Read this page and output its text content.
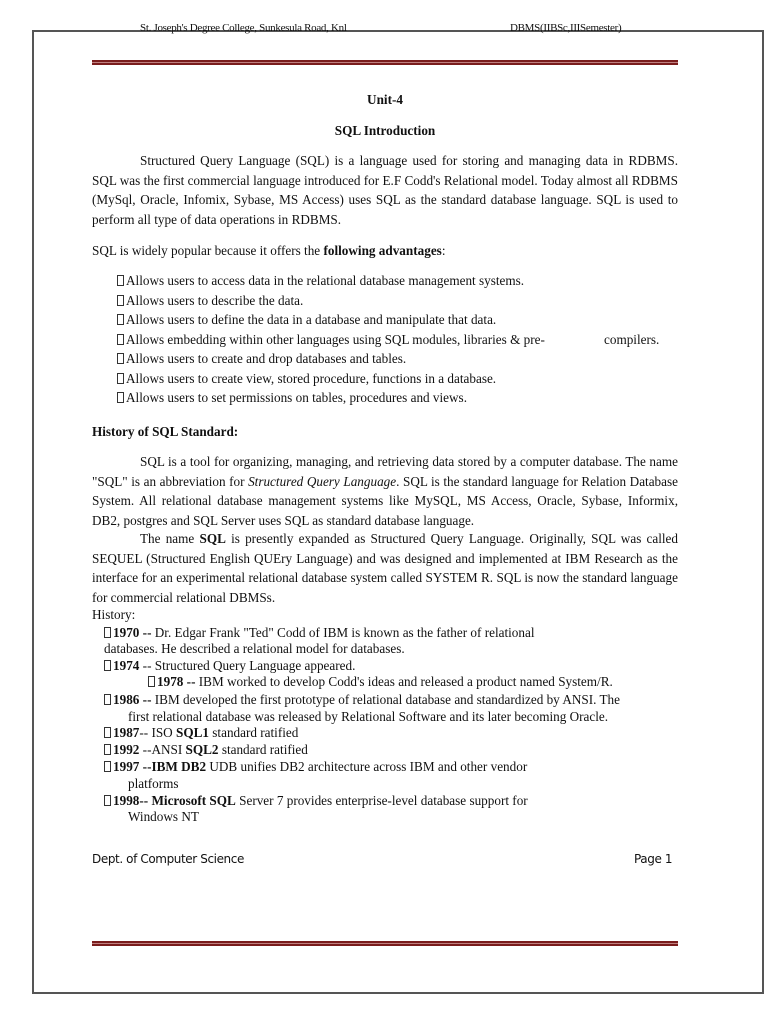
St. Joseph's Degree College, Sunkesula Road, Knl	DBMS(IIBSc,IIISemester)
Unit-4
SQL Introduction
Structured Query Language (SQL) is a language used for storing and managing data in RDBMS. SQL was the first commercial language introduced for E.F Codd's Relational model. Today almost all RDBMS (MySql, Oracle, Infomix, Sybase, MS Access) uses SQL as the standard database language. SQL is used to perform all type of data operations in RDBMS.
SQL is widely popular because it offers the following advantages:
Allows users to access data in the relational database management systems.
Allows users to describe the data.
Allows users to define the data in a database and manipulate that data.
Allows embedding within other languages using SQL modules, libraries & pre-	compilers.
Allows users to create and drop databases and tables.
Allows users to create view, stored procedure, functions in a database.
Allows users to set permissions on tables, procedures and views.
History of SQL Standard:
SQL is a tool for organizing, managing, and retrieving data stored by a computer database. The name "SQL" is an abbreviation for Structured Query Language. SQL is the standard language for Relation Database System. All relational database management systems like MySQL, MS Access, Oracle, Sybase, Informix, DB2, postgres and SQL Server uses SQL as standard database language.
The name SQL is presently expanded as Structured Query Language. Originally, SQL was called SEQUEL (Structured English QUEry Language) and was designed and implemented at IBM Research as the interface for an experimental relational database system called SYSTEM R. SQL is now the standard language for commercial relational DBMSs.
History:
1970 -- Dr. Edgar Frank "Ted" Codd of IBM is known as the father of relational
databases. He described a relational model for databases.
1974 -- Structured Query Language appeared.
1978 -- IBM worked to develop Codd's ideas and released a product named System/R.
1986 -- IBM developed the first prototype of relational database and standardized by ANSI. The
first relational database was released by Relational Software and its later becoming Oracle.
1987-- ISO SQL1 standard ratified
1992 --ANSI SQL2 standard ratified
1997 --IBM DB2 UDB unifies DB2 architecture across IBM and other vendor
platforms
1998-- Microsoft SQL Server 7 provides enterprise-level database support for
Windows NT
Dept. of Computer Science	Page 1
